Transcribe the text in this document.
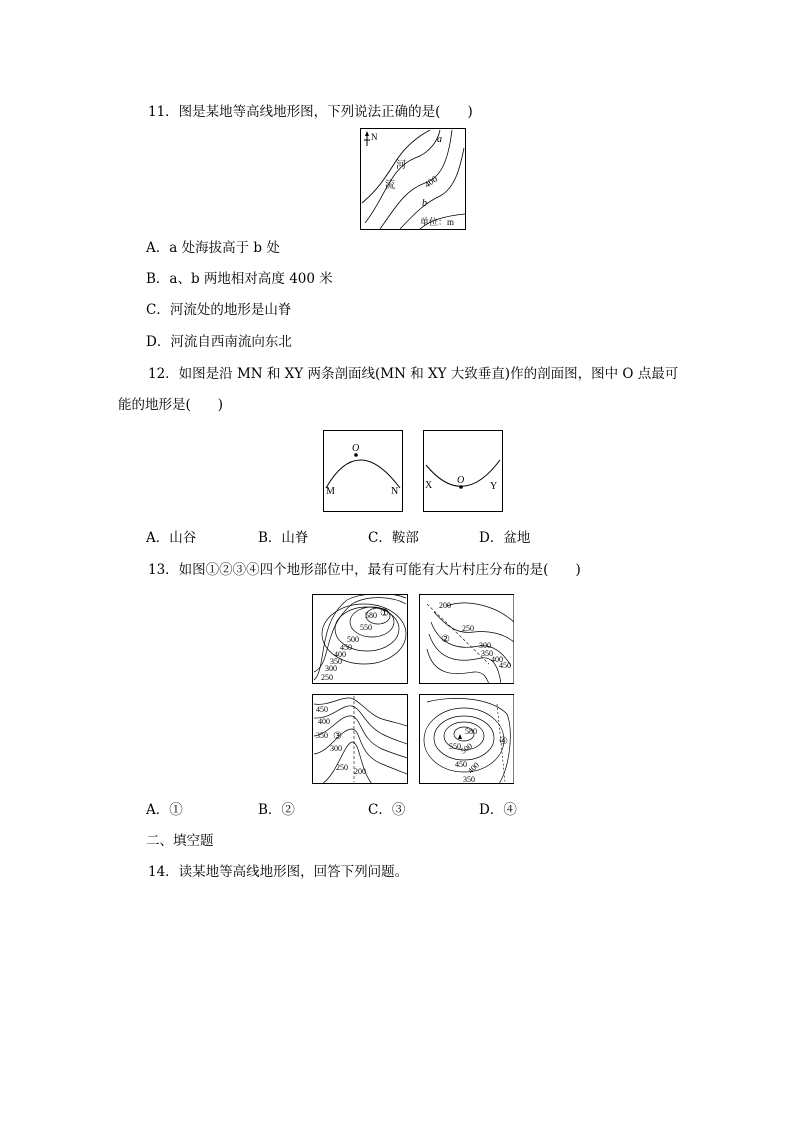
11．图是某地等高线地形图，下列说法正确的是(　　)
N	a
b
河
流	400
单位：m
A．a 处海拔高于 b 处
B．a、b 两地相对高度 400 米
C．河流处的地形是山脊
D．河流自西南流向东北
12．如图是沿 MN 和 XY 两条剖面线(MN 和 XY 大致垂直)作的剖面图，图中 O 点最可
能的地形是(　　)
O
M	N
O
X	Y
A．山谷	B．山脊	C．鞍部	D．盆地
13．如图①②③④四个地形部位中，最有可能有大片村庄分布的是(　　)
580 ①
550
500
450
400
350
300
250
200
②
250
300
350
400
450
450
400
350
300
250 200
③	580
550
500
450 400
350
④
A．①	B．②	C．③	D．④
二、填空题
14．读某地等高线地形图，回答下列问题。
